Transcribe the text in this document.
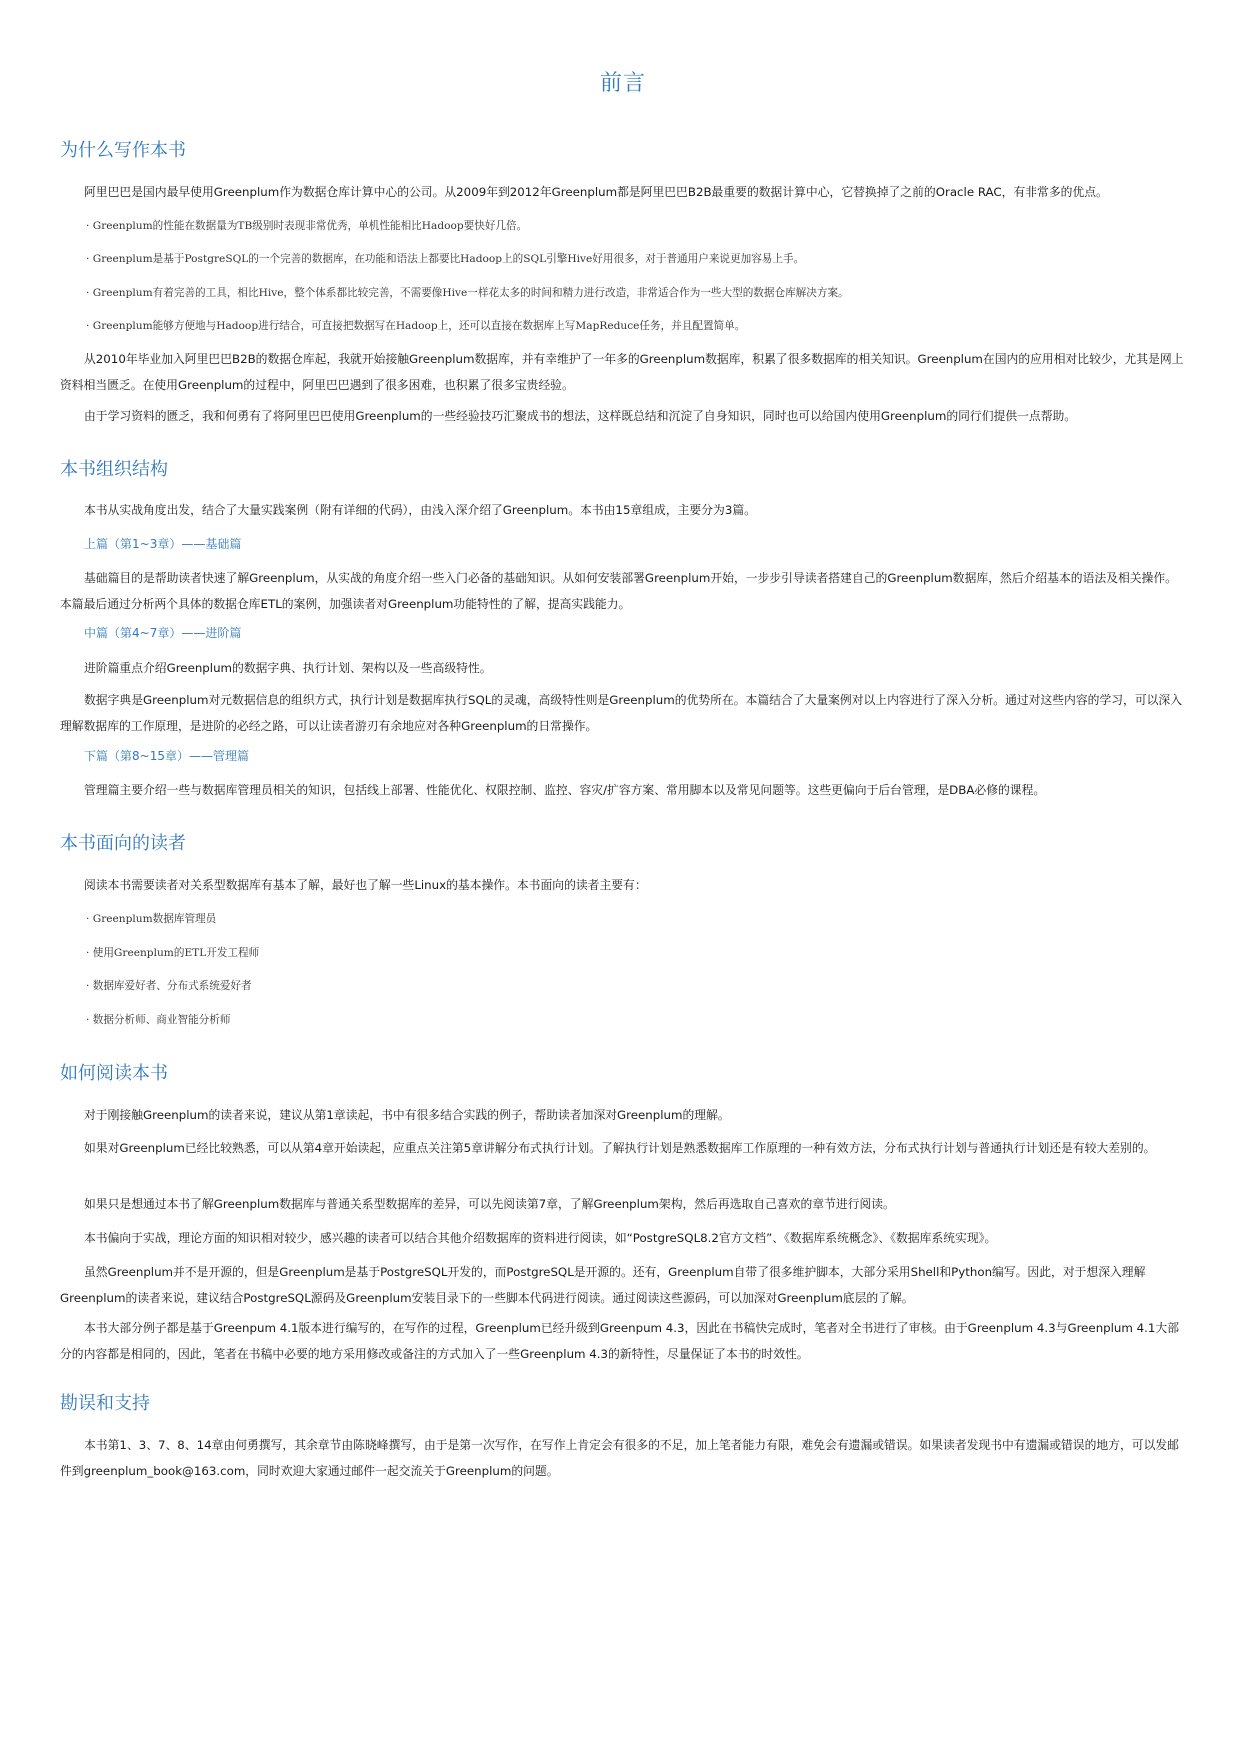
前言
为什么写作本书
阿里巴巴是国内最早使用Greenplum作为数据仓库计算中心的公司。从2009年到2012年Greenplum都是阿里巴巴B2B最重要的数据计算中心，它替换掉了之前的Oracle RAC，有非常多的优点。
· Greenplum的性能在数据量为TB级别时表现非常优秀，单机性能相比Hadoop要快好几倍。
· Greenplum是基于PostgreSQL的一个完善的数据库，在功能和语法上都要比Hadoop上的SQL引擎Hive好用很多，对于普通用户来说更加容易上手。
· Greenplum有着完善的工具，相比Hive，整个体系都比较完善，不需要像Hive一样花太多的时间和精力进行改造，非常适合作为一些大型的数据仓库解决方案。
· Greenplum能够方便地与Hadoop进行结合，可直接把数据写在Hadoop上，还可以直接在数据库上写MapReduce任务，并且配置简单。
从2010年毕业加入阿里巴巴B2B的数据仓库起，我就开始接触Greenplum数据库，并有幸维护了一年多的Greenplum数据库，积累了很多数据库的相关知识。Greenplum在国内的应用相对比较少，尤其是网上资料相当匮乏。在使用Greenplum的过程中，阿里巴巴遇到了很多困难，也积累了很多宝贵经验。
由于学习资料的匮乏，我和何勇有了将阿里巴巴使用Greenplum的一些经验技巧汇聚成书的想法，这样既总结和沉淀了自身知识，同时也可以给国内使用Greenplum的同行们提供一点帮助。
本书组织结构
本书从实战角度出发，结合了大量实践案例（附有详细的代码），由浅入深介绍了Greenplum。本书由15章组成，主要分为3篇。
上篇（第1~3章）——基础篇
基础篇目的是帮助读者快速了解Greenplum，从实战的角度介绍一些入门必备的基础知识。从如何安装部署Greenplum开始，一步步引导读者搭建自己的Greenplum数据库，然后介绍基本的语法及相关操作。本篇最后通过分析两个具体的数据仓库ETL的案例，加强读者对Greenplum功能特性的了解，提高实践能力。
中篇（第4~7章）——进阶篇
进阶篇重点介绍Greenplum的数据字典、执行计划、架构以及一些高级特性。
数据字典是Greenplum对元数据信息的组织方式，执行计划是数据库执行SQL的灵魂，高级特性则是Greenplum的优势所在。本篇结合了大量案例对以上内容进行了深入分析。通过对这些内容的学习，可以深入理解数据库的工作原理，是进阶的必经之路，可以让读者游刃有余地应对各种Greenplum的日常操作。
下篇（第8~15章）——管理篇
管理篇主要介绍一些与数据库管理员相关的知识，包括线上部署、性能优化、权限控制、监控、容灾/扩容方案、常用脚本以及常见问题等。这些更偏向于后台管理，是DBA必修的课程。
本书面向的读者
阅读本书需要读者对关系型数据库有基本了解，最好也了解一些Linux的基本操作。本书面向的读者主要有：
· Greenplum数据库管理员
· 使用Greenplum的ETL开发工程师
· 数据库爱好者、分布式系统爱好者
· 数据分析师、商业智能分析师
如何阅读本书
对于刚接触Greenplum的读者来说，建议从第1章读起，书中有很多结合实践的例子，帮助读者加深对Greenplum的理解。
如果对Greenplum已经比较熟悉，可以从第4章开始读起，应重点关注第5章讲解分布式执行计划。了解执行计划是熟悉数据库工作原理的一种有效方法，分布式执行计划与普通执行计划还是有较大差别的。
如果只是想通过本书了解Greenplum数据库与普通关系型数据库的差异，可以先阅读第7章，了解Greenplum架构，然后再选取自己喜欢的章节进行阅读。
本书偏向于实战，理论方面的知识相对较少，感兴趣的读者可以结合其他介绍数据库的资料进行阅读，如“PostgreSQL8.2官方文档”、《数据库系统概念》、《数据库系统实现》。
虽然Greenplum并不是开源的，但是Greenplum是基于PostgreSQL开发的，而PostgreSQL是开源的。还有，Greenplum自带了很多维护脚本，大部分采用Shell和Python编写。因此，对于想深入理解Greenplum的读者来说，建议结合PostgreSQL源码及Greenplum安装目录下的一些脚本代码进行阅读。通过阅读这些源码，可以加深对Greenplum底层的了解。
本书大部分例子都是基于Greenpum 4.1版本进行编写的，在写作的过程，Greenplum已经升级到Greenpum 4.3，因此在书稿快完成时，笔者对全书进行了审核。由于Greenplum 4.3与Greenplum 4.1大部分的内容都是相同的，因此，笔者在书稿中必要的地方采用修改或备注的方式加入了一些Greenplum 4.3的新特性，尽量保证了本书的时效性。
勘误和支持
本书第1、3、7、8、14章由何勇撰写，其余章节由陈晓峰撰写，由于是第一次写作，在写作上肯定会有很多的不足，加上笔者能力有限，难免会有遗漏或错误。如果读者发现书中有遗漏或错误的地方，可以发邮件到greenplum_book@163.com，同时欢迎大家通过邮件一起交流关于Greenplum的问题。
